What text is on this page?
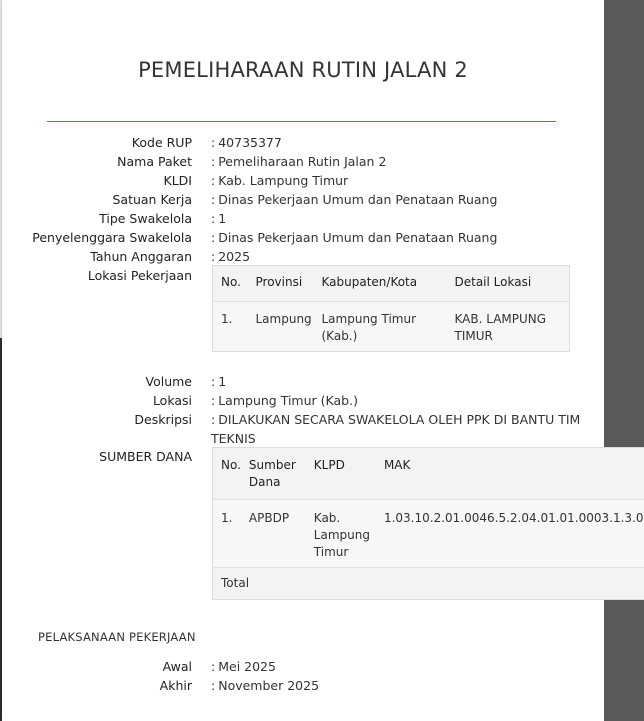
PEMELIHARAAN RUTIN JALAN 2
Kode RUP : 40735377
Nama Paket : Pemeliharaan Rutin Jalan 2
KLDI : Kab. Lampung Timur
Satuan Kerja : Dinas Pekerjaan Umum dan Penataan Ruang
Tipe Swakelola : 1
Penyelenggara Swakelola : Dinas Pekerjaan Umum dan Penataan Ruang
Tahun Anggaran : 2025
Lokasi Pekerjaan No.	Provinsi	Kabupaten/Kota	Detail Lokasi
1.	Lampung	Lampung Timur (Kab.)	KAB. LAMPUNG TIMUR
Volume : 1
Lokasi : Lampung Timur (Kab.)
Deskripsi : DILAKUKAN SECARA SWAKELOLA OLEH PPK DI BANTU TIM TEKNIS
SUMBER DANA
No.	Sumber Dana	KLPD	MAK
1.	APBDP	Kab. Lampung Timur	1.03.10.2.01.0046.5.2.04.01.01.0003.1.3.0
Total			
PELAKSANAAN PEKERJAAN
Awal : Mei 2025
Akhir : November 2025
